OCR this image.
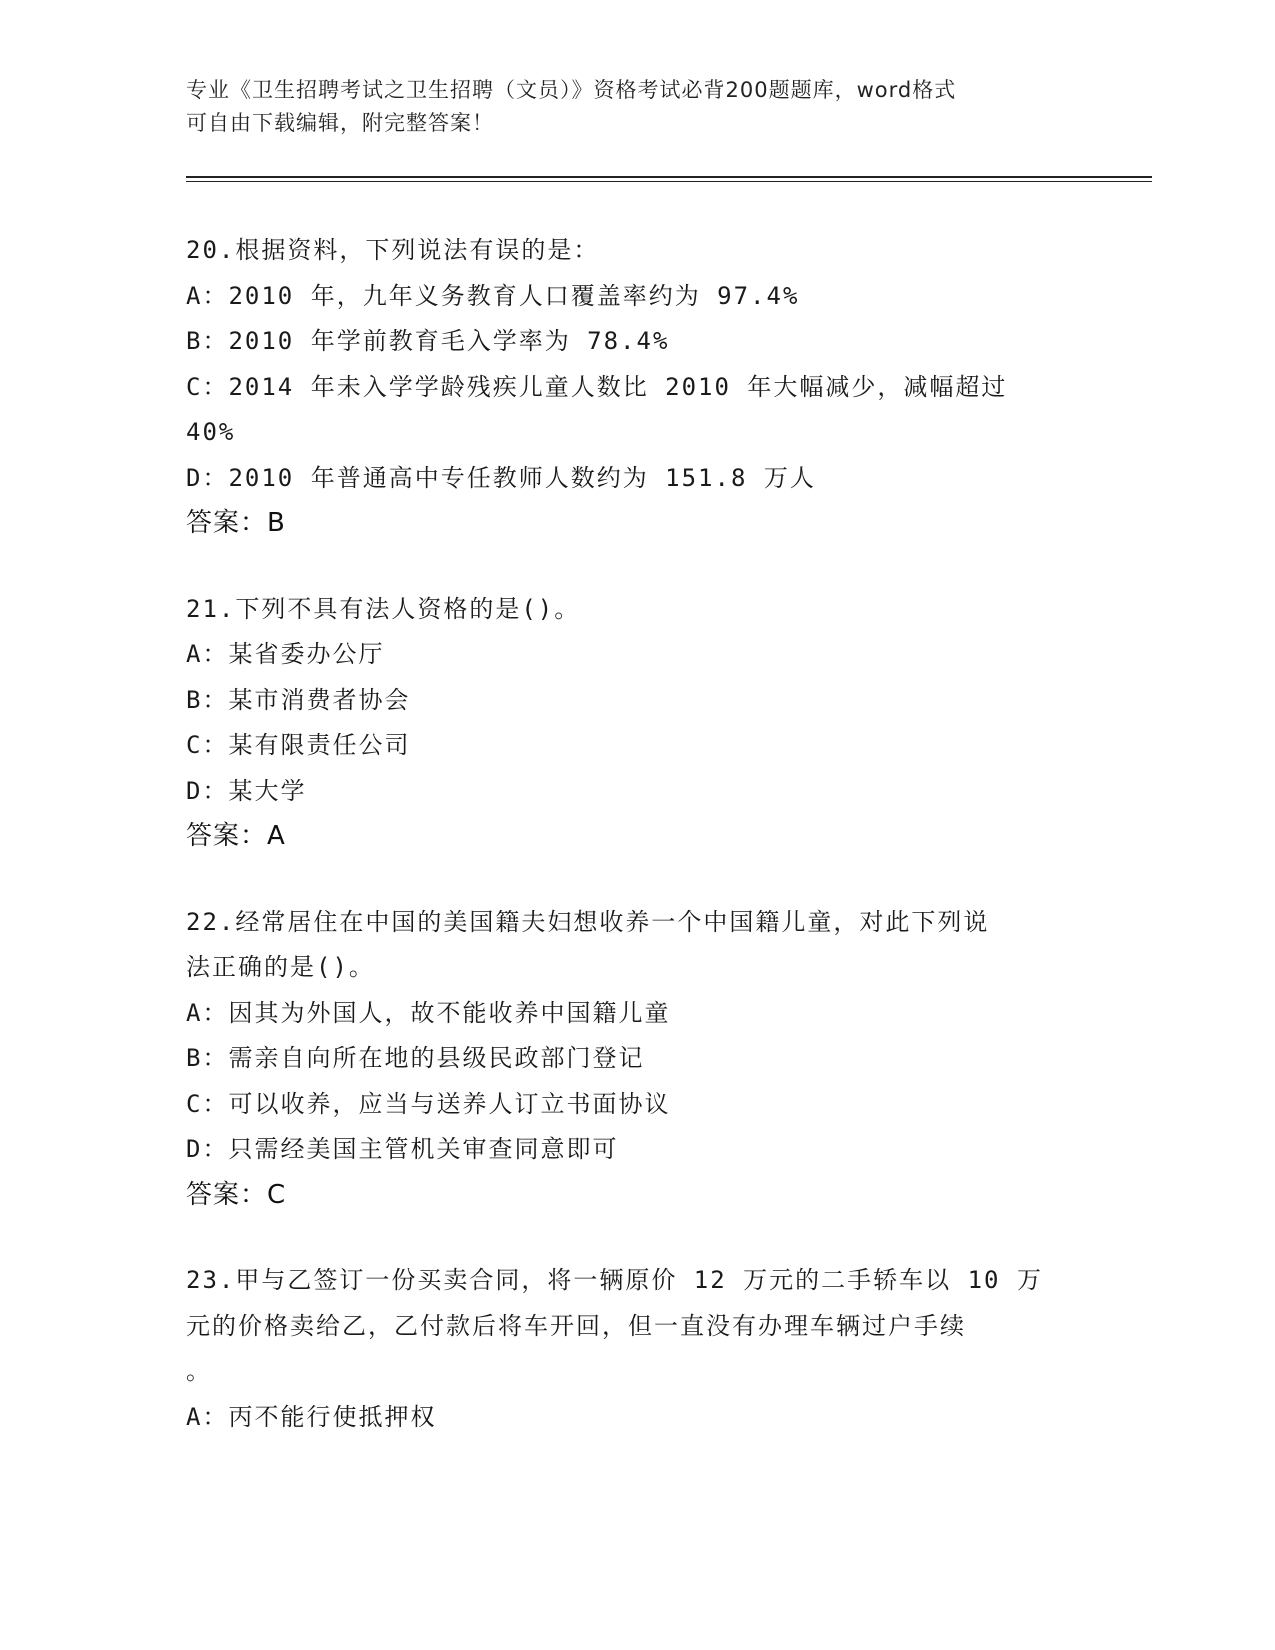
专业《卫生招聘考试之卫生招聘（文员）》资格考试必背200题题库，word格式
可自由下载编辑，附完整答案！
20.根据资料，下列说法有误的是：
A：2010 年，九年义务教育人口覆盖率约为 97.4%
B：2010 年学前教育毛入学率为 78.4%
C：2014 年未入学学龄残疾儿童人数比 2010 年大幅减少，减幅超过
40%
D：2010 年普通高中专任教师人数约为 151.8 万人
答案：B
21.下列不具有法人资格的是()。
A：某省委办公厅
B：某市消费者协会
C：某有限责任公司
D：某大学
答案：A
22.经常居住在中国的美国籍夫妇想收养一个中国籍儿童，对此下列说
法正确的是()。
A：因其为外国人，故不能收养中国籍儿童
B：需亲自向所在地的县级民政部门登记
C：可以收养，应当与送养人订立书面协议
D：只需经美国主管机关审查同意即可
答案：C
23.甲与乙签订一份买卖合同，将一辆原价 12 万元的二手轿车以 10 万
元的价格卖给乙，乙付款后将车开回，但一直没有办理车辆过户手续
。
A：丙不能行使抵押权
